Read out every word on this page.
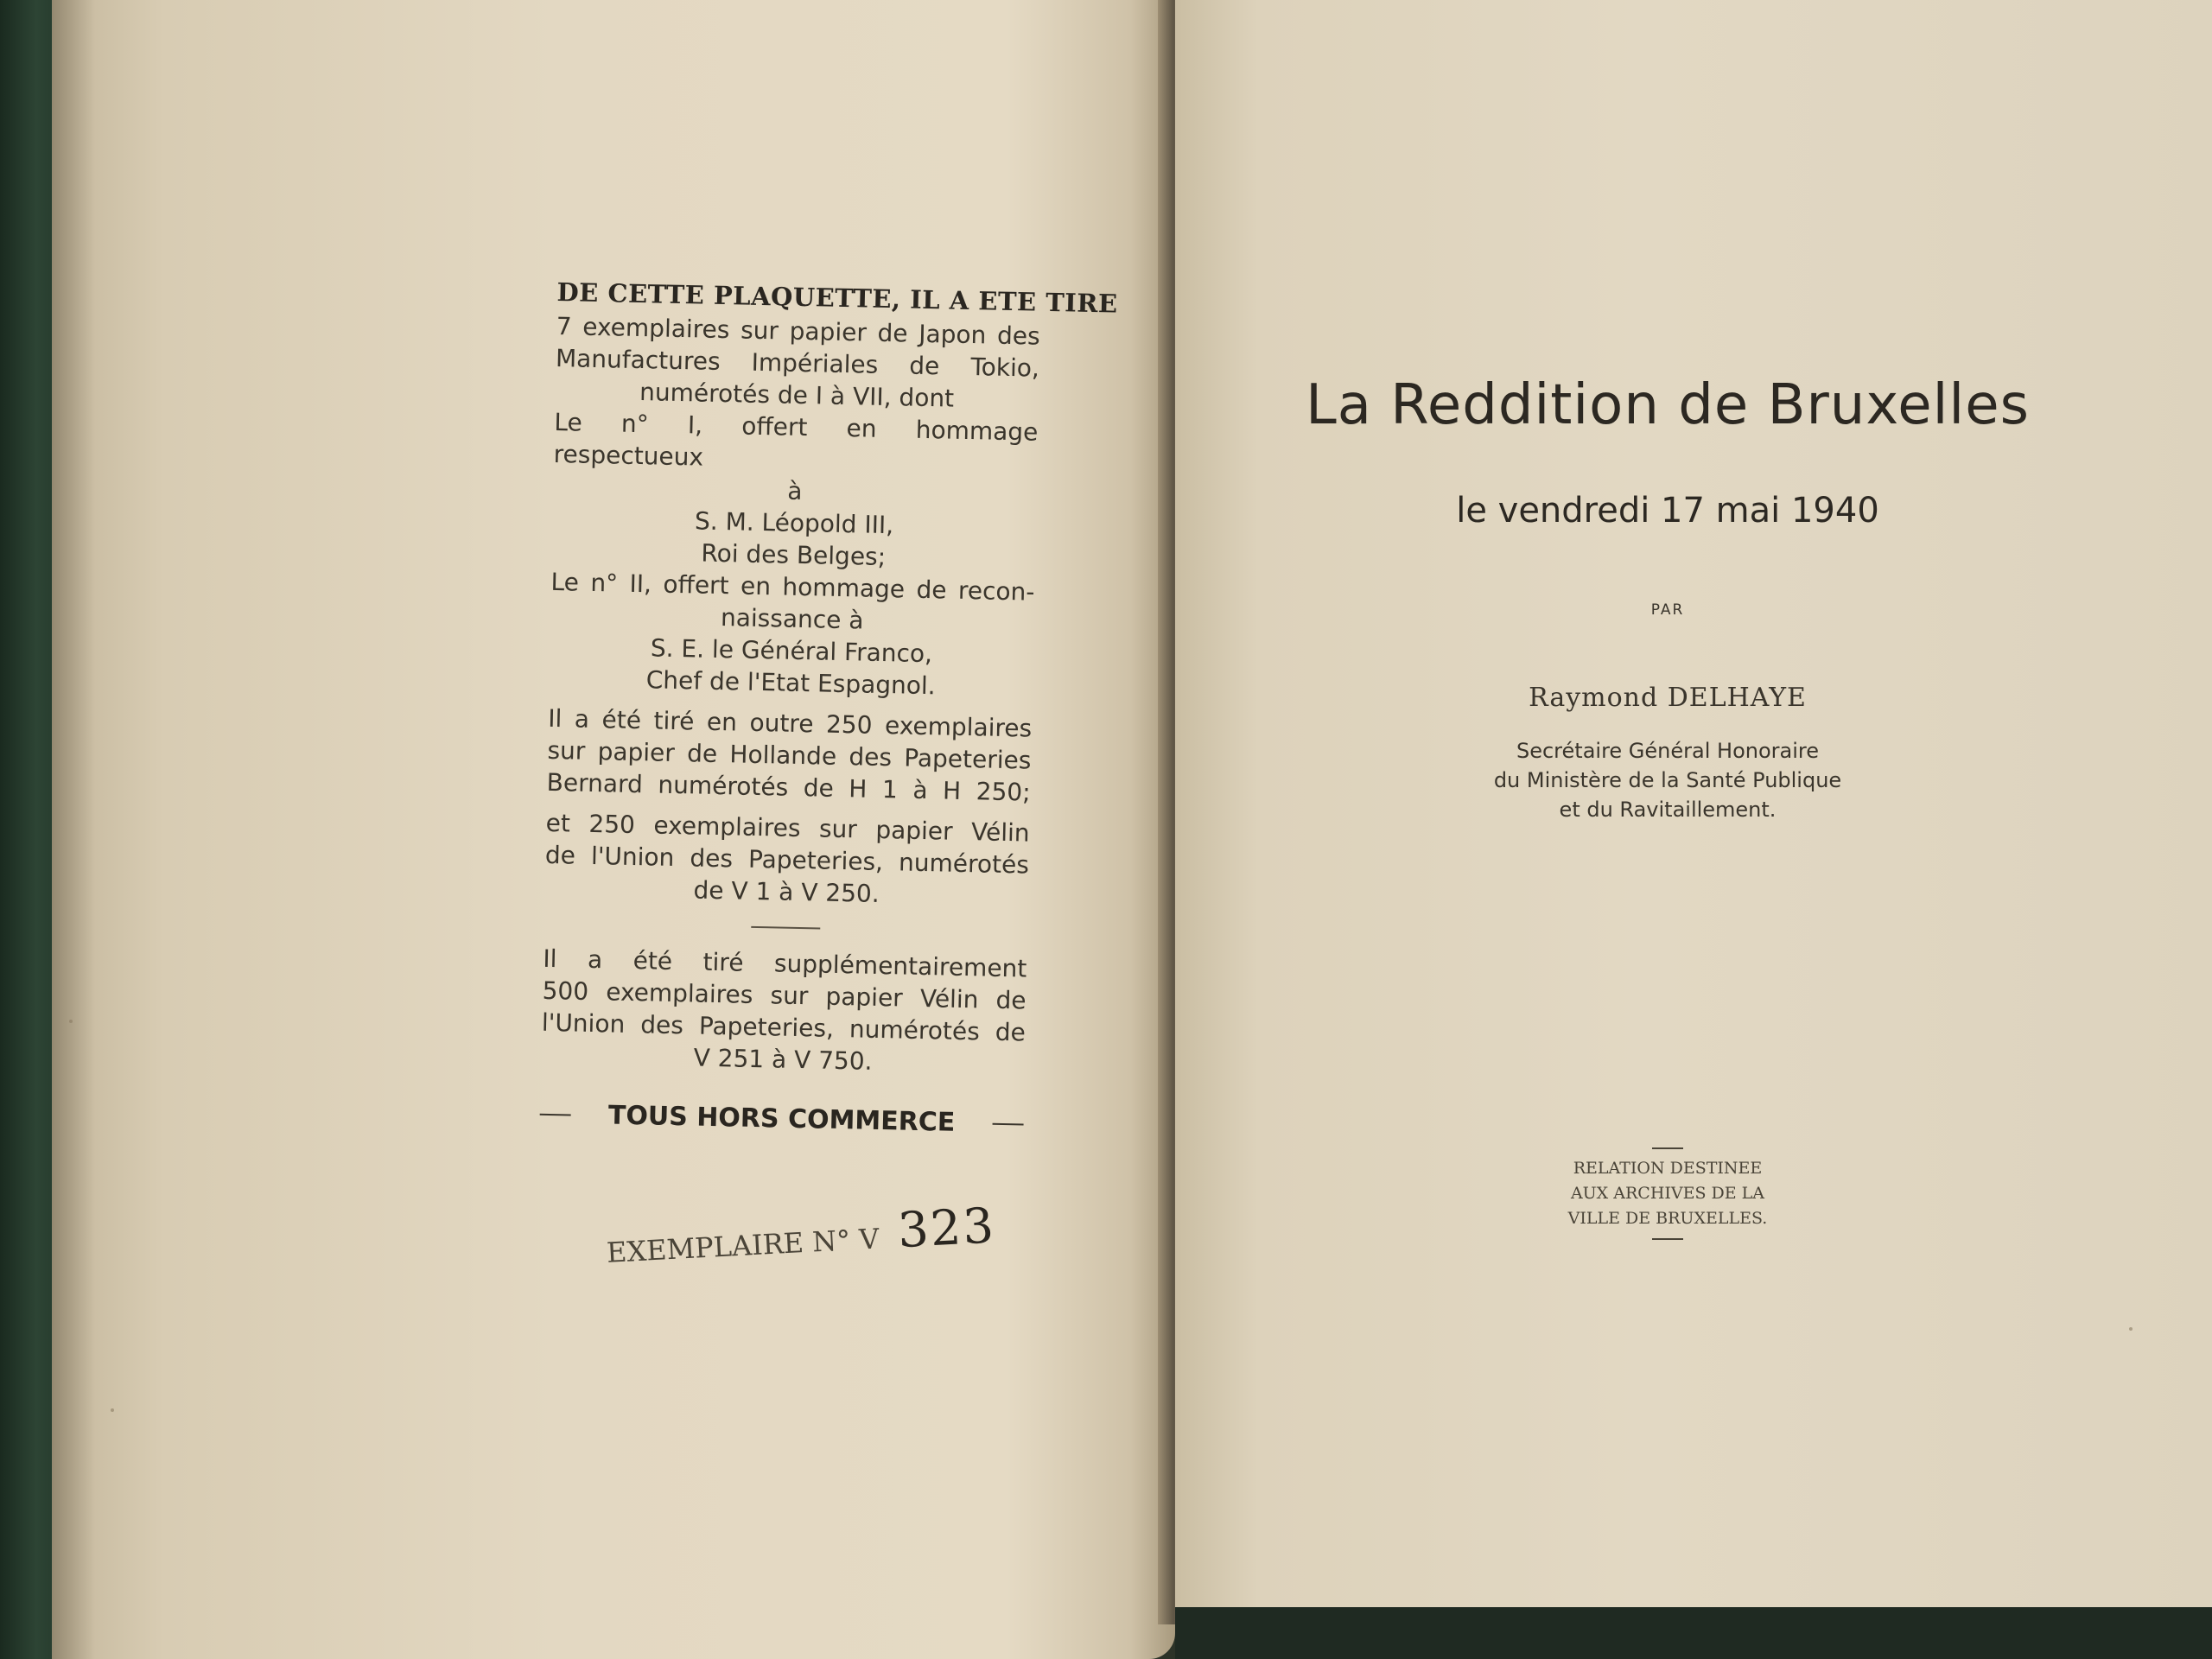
DE CETTE PLAQUETTE, IL A ETE TIRE

7 exemplaires sur papier de Japon des

Manufactures Impériales de Tokio,

numérotés de I à VII, dont

Le n° I, offert en hommage respectueux

à

S. M. Léopold III,

Roi des Belges;

Le n° II, offert en hommage de recon-

naissance à

S. E. le Général Franco,

Chef de l'Etat Espagnol.

Il a été tiré en outre 250 exemplaires

sur papier de Hollande des Papeteries

Bernard numérotés de H 1 à H 250;

et 250 exemplaires sur papier Vélin

de l'Union des Papeteries, numérotés

de V 1 à V 250.

Il a été tiré supplémentairement

500 exemplaires sur papier Vélin de

l'Union des Papeteries, numérotés de

V 251 à V 750.

TOUS HORS COMMERCE
EXEMPLAIRE N° V 323
La Reddition de Bruxelles
le vendredi 17 mai 1940
PAR
Raymond DELHAYE
Secrétaire Général Honoraire
du Ministère de la Santé Publique
et du Ravitaillement.
RELATION DESTINEE
AUX ARCHIVES DE LA
VILLE DE BRUXELLES.
